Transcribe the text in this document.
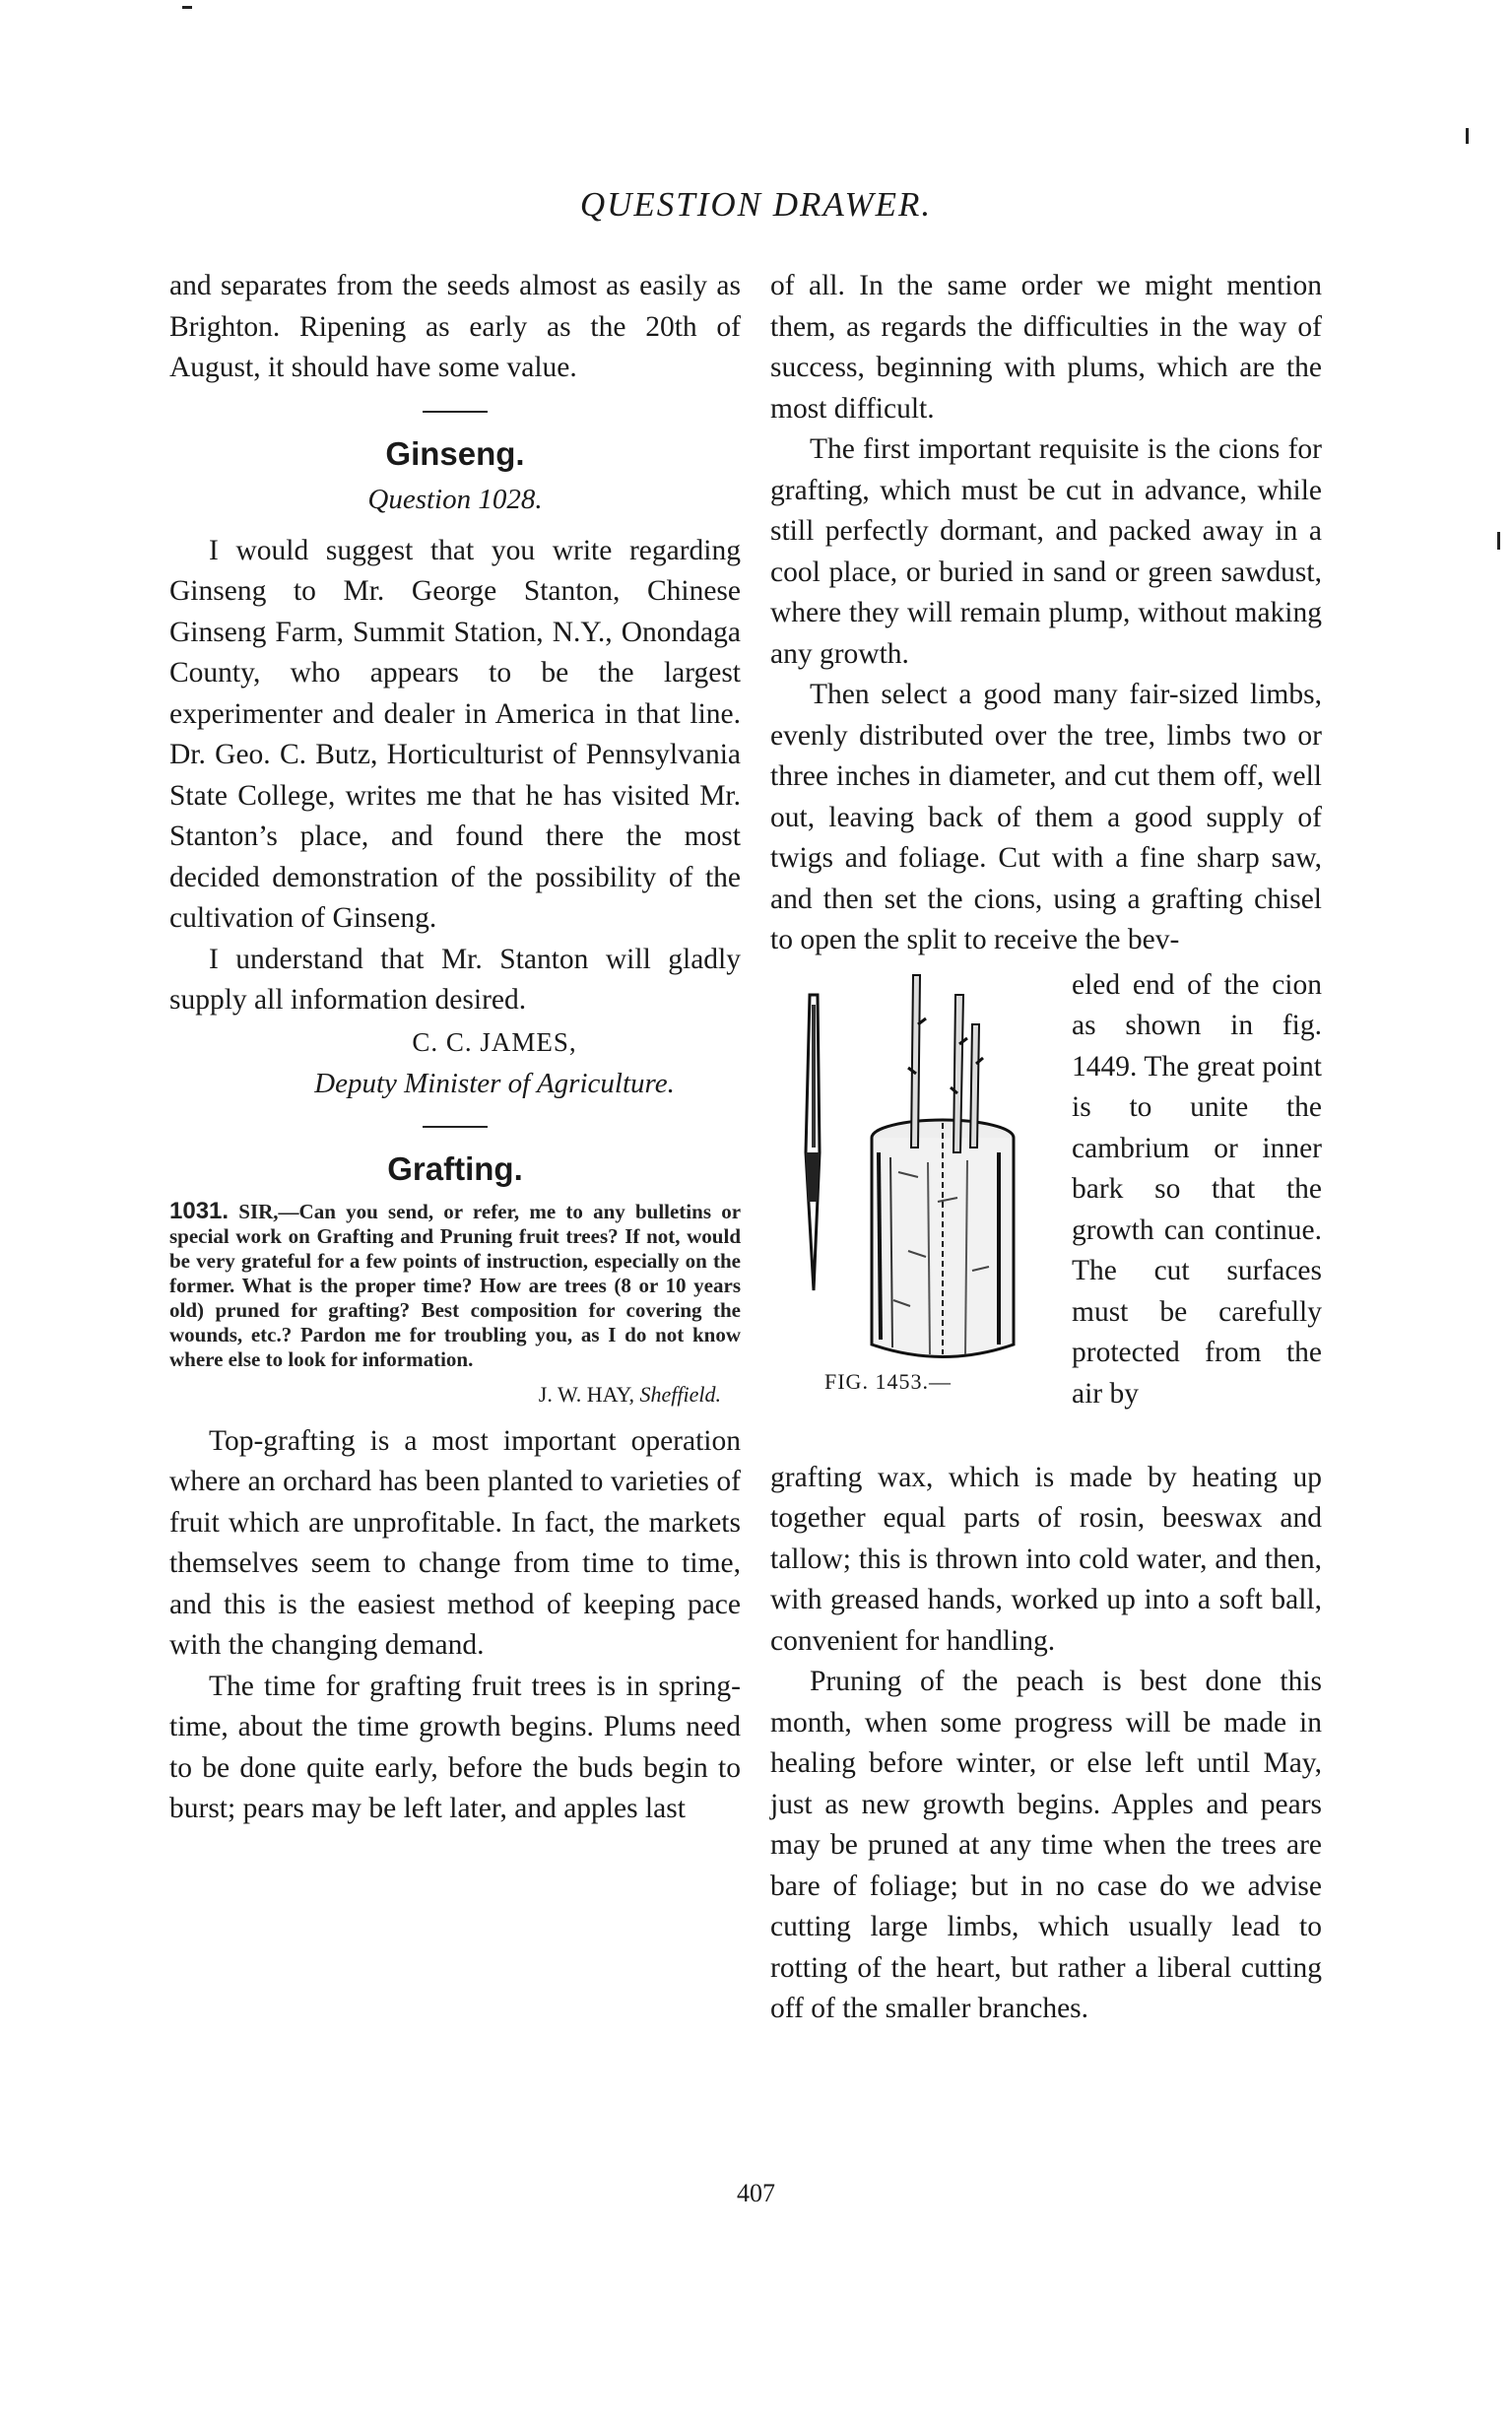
QUESTION DRAWER.

and separates from the seeds almost as easily as Brighton. Ripening as early as the 20th of August, it should have some value.

Ginseng.
Question 1028.

I would suggest that you write regarding Ginseng to Mr. George Stanton, Chinese Ginseng Farm, Summit Station, N.Y., Onondaga County, who appears to be the largest experimenter and dealer in America in that line. Dr. Geo. C. Butz, Horticulturist of Pennsylvania State College, writes me that he has visited Mr. Stanton’s place, and found there the most decided demonstration of the possibility of the cultivation of Ginseng.

I understand that Mr. Stanton will gladly supply all information desired.

C. C. JAMES,
Deputy Minister of Agriculture.
Grafting.
1031. SIR,—Can you send, or refer, me to any bulletins or special work on Grafting and Pruning fruit trees? If not, would be very grateful for a few points of instruction, especially on the former. What is the proper time? How are trees (8 or 10 years old) pruned for grafting? Best composition for covering the wounds, etc.? Pardon me for troubling you, as I do not know where else to look for information.
J. W. HAY, Sheffield.

Top-grafting is a most important operation where an orchard has been planted to varieties of fruit which are unprofitable. In fact, the markets themselves seem to change from time to time, and this is the easiest method of keeping pace with the changing demand.

The time for grafting fruit trees is in spring-time, about the time growth begins. Plums need to be done quite early, before the buds begin to burst; pears may be left later, and apples last

of all. In the same order we might mention them, as regards the difficulties in the way of success, beginning with plums, which are the most difficult.

The first important requisite is the cions for grafting, which must be cut in advance, while still perfectly dormant, and packed away in a cool place, or buried in sand or green sawdust, where they will remain plump, without making any growth.

Then select a good many fair-sized limbs, evenly distributed over the tree, limbs two or three inches in diameter, and cut them off, well out, leaving back of them a good supply of twigs and foliage. Cut with a fine sharp saw, and then set the cions, using a grafting chisel to open the split to receive the bev-

FIG. 1453.—

eled end of the cion as shown in fig. 1449. The great point is to unite the cambrium or inner bark so that the growth can continue. The cut surfaces must be carefully protected from the air by

grafting wax, which is made by heating up together equal parts of rosin, beeswax and tallow; this is thrown into cold water, and then, with greased hands, worked up into a soft ball, convenient for handling.

Pruning of the peach is best done this month, when some progress will be made in healing before winter, or else left until May, just as new growth begins. Apples and pears may be pruned at any time when the trees are bare of foliage; but in no case do we advise cutting large limbs, which usually lead to rotting of the heart, but rather a liberal cutting off of the smaller branches.

407
